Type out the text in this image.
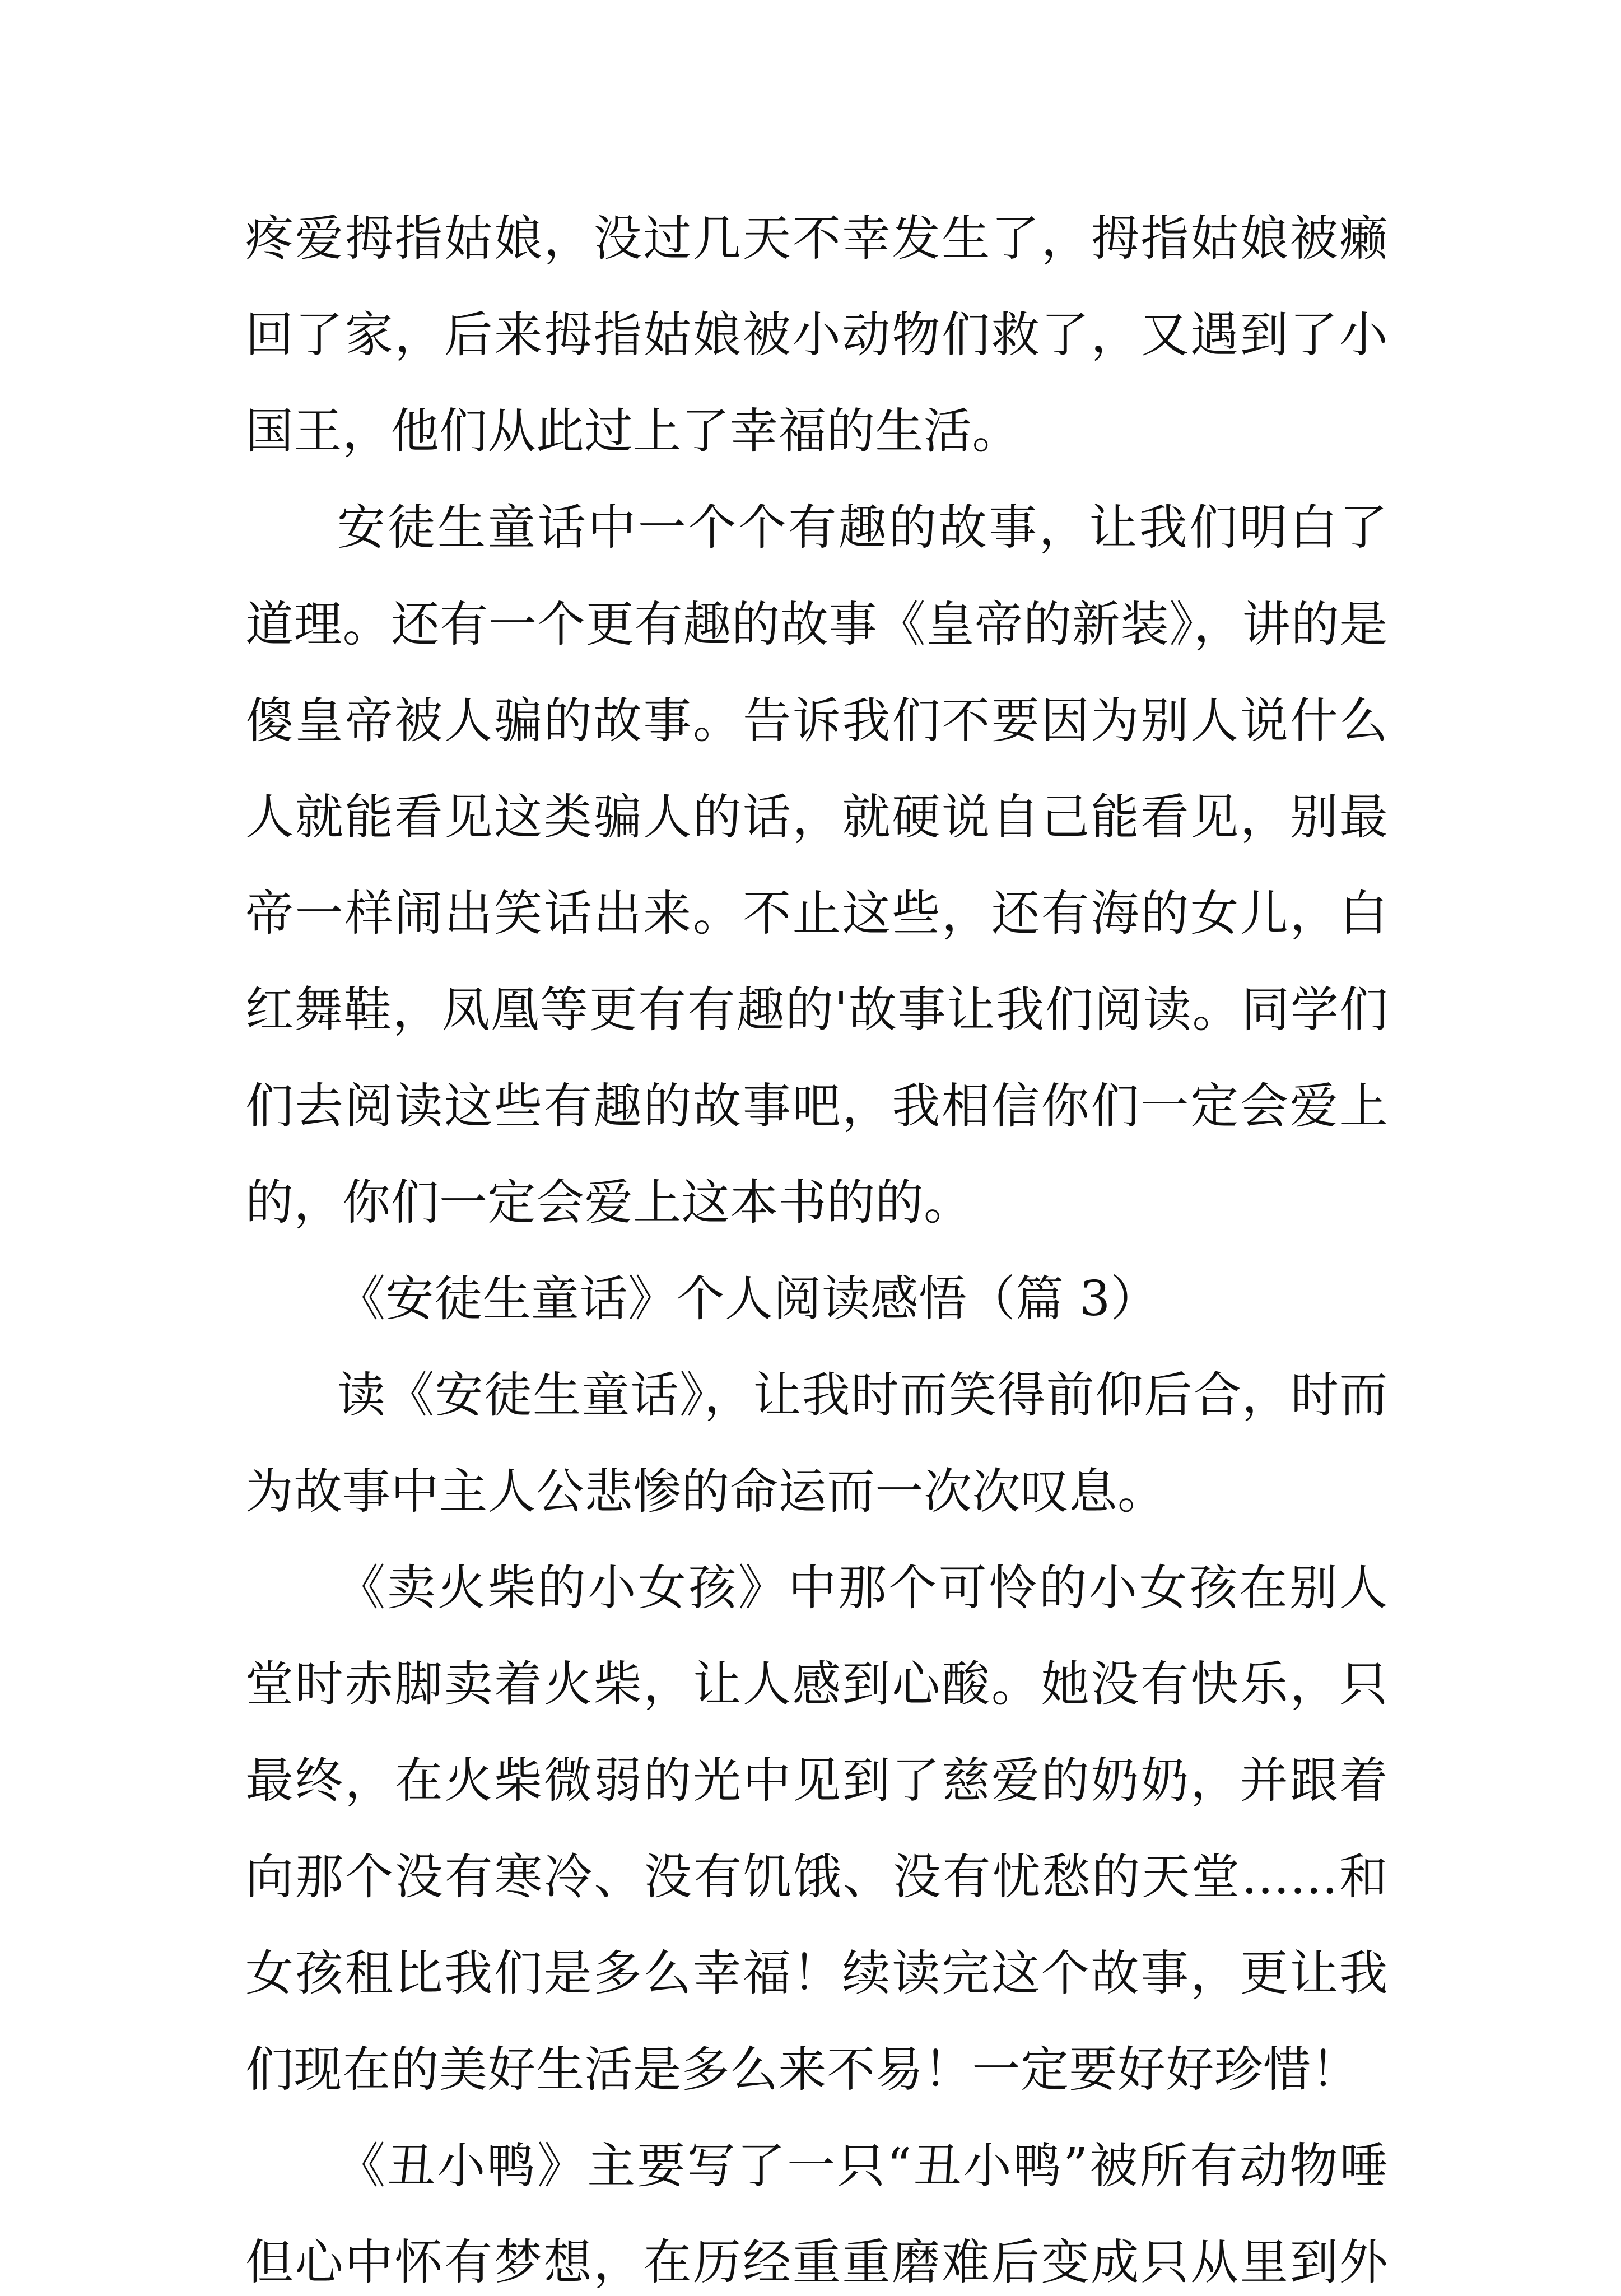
疼爱拇指姑娘，没过几天不幸发生了，拇指姑娘被癞
回了家，后来拇指姑娘被小动物们救了，又遇到了小
国王，他们从此过上了幸福的生活。
安徒生童话中一个个有趣的故事，让我们明白了
道理。还有一个更有趣的故事《皇帝的新装》，讲的是
傻皇帝被人骗的故事。告诉我们不要因为别人说什么
人就能看见这类骗人的话，就硬说自己能看见，别最
帝一样闹出笑话出来。不止这些，还有海的女儿，白
红舞鞋，凤凰等更有有趣的'故事让我们阅读。同学们
们去阅读这些有趣的故事吧，我相信你们一定会爱上
的，你们一定会爱上这本书的的。
《安徒生童话》个人阅读感悟（篇 3）
读《安徒生童话》，让我时而笑得前仰后合，时而
为故事中主人公悲惨的命运而一次次叹息。
《卖火柴的小女孩》中那个可怜的小女孩在别人
堂时赤脚卖着火柴，让人感到心酸。她没有快乐，只
最终，在火柴微弱的光中见到了慈爱的奶奶，并跟着
向那个没有寒冷、没有饥饿、没有忧愁的天堂……和
女孩租比我们是多么幸福！续读完这个故事，更让我
们现在的美好生活是多么来不易！一定要好好珍惜！
《丑小鸭》主要写了一只“丑小鸭”被所有动物唾
但心中怀有梦想，在历经重重磨难后变成只从里到外
